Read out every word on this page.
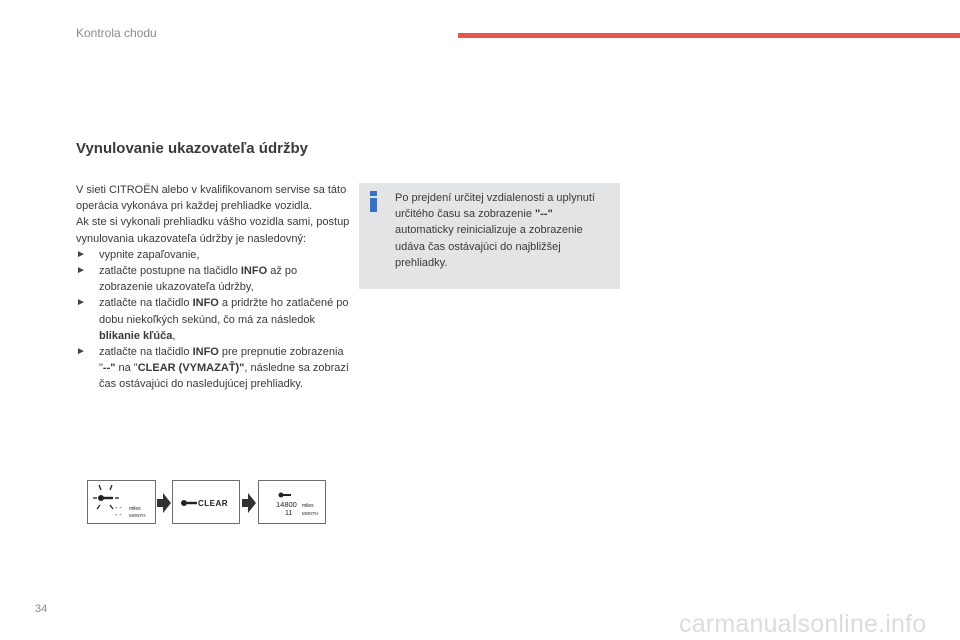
Kontrola chodu
Vynulovanie ukazovateľa údržby

V sieti CITROËN alebo v kvalifikovanom servise sa táto operácia vykonáva pri každej prehliadke vozidla.

Ak ste si vykonali prehliadku vášho vozidla sami, postup vynulovania ukazovateľa údržby je nasledovný:

► vypnite zapaľovanie,
► zatlačte postupne na tlačidlo INFO až po zobrazenie ukazovateľa údržby,
► zatlačte na tlačidlo INFO a pridržte ho zatlačené po dobu niekoľkých sekúnd, čo má za následok blikanie kľúča,
► zatlačte na tlačidlo INFO pre prepnutie zobrazenia "--" na "CLEAR (VYMAZAŤ)", následne sa zobrazí čas ostávajúci do nasledujúcej prehliadky.
Po prejdení určitej vzdialenosti a uplynutí určitého času sa zobrazenie "--" automaticky reinicializuje a zobrazenie udáva čas ostávajúci do najbližšej prehliadky.
- - miles
- - MONTH
CLEAR	14800 miles
11 MONTH
34
carmanualsonline.info
